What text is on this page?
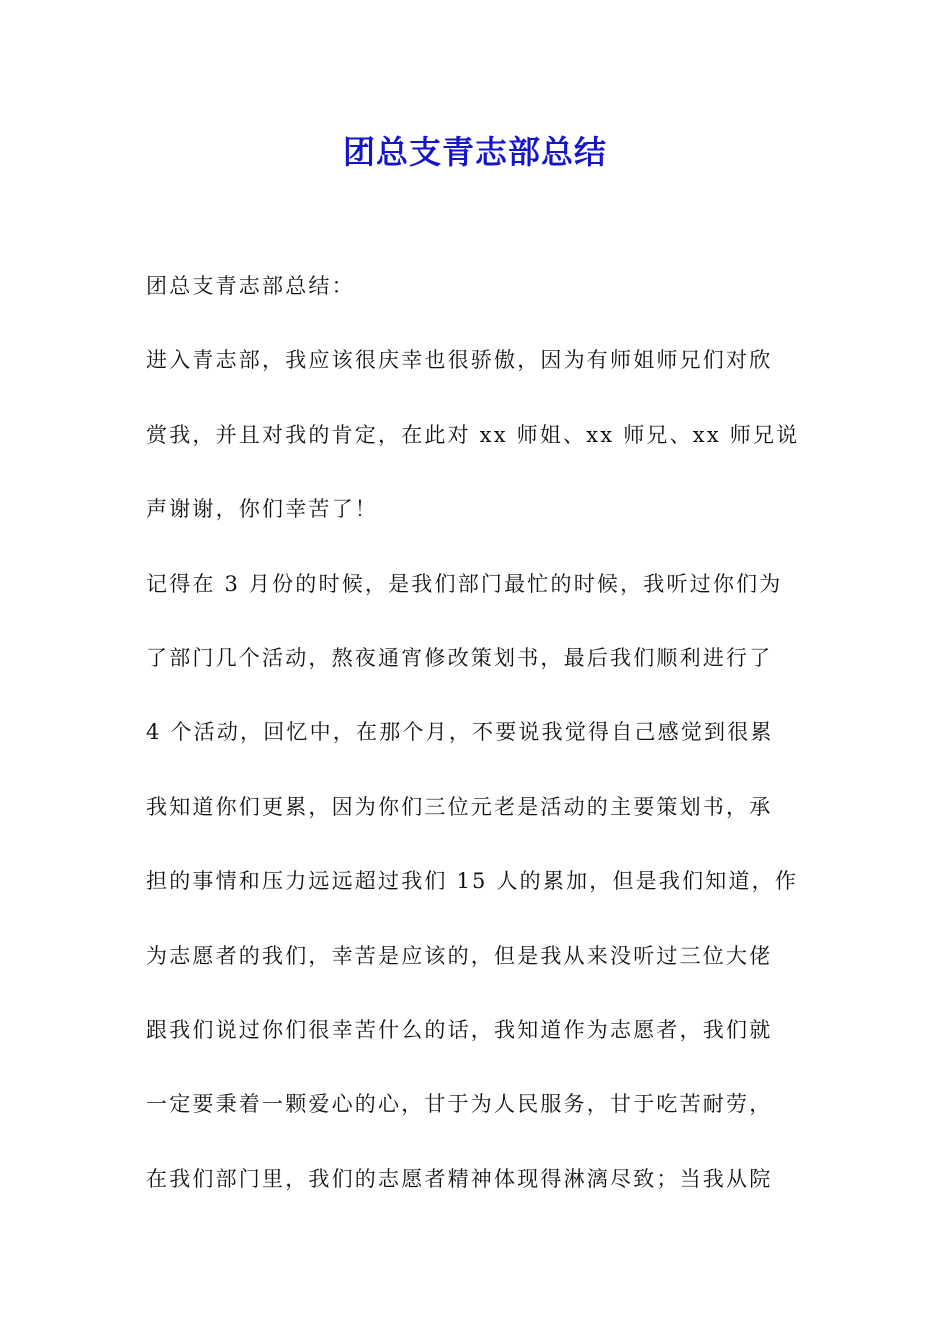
团总支青志部总结
团总支青志部总结：
进入青志部，我应该很庆幸也很骄傲，因为有师姐师兄们对欣
赏我，并且对我的肯定，在此对 xx 师姐、xx 师兄、xx 师兄说
声谢谢，你们幸苦了！
记得在 3 月份的时候，是我们部门最忙的时候，我听过你们为
了部门几个活动，熬夜通宵修改策划书，最后我们顺利进行了
4 个活动，回忆中，在那个月，不要说我觉得自己感觉到很累
我知道你们更累，因为你们三位元老是活动的主要策划书，承
担的事情和压力远远超过我们 15 人的累加，但是我们知道，作
为志愿者的我们，幸苦是应该的，但是我从来没听过三位大佬
跟我们说过你们很幸苦什么的话，我知道作为志愿者，我们就
一定要秉着一颗爱心的心，甘于为人民服务，甘于吃苦耐劳，
在我们部门里，我们的志愿者精神体现得淋漓尽致；当我从院
